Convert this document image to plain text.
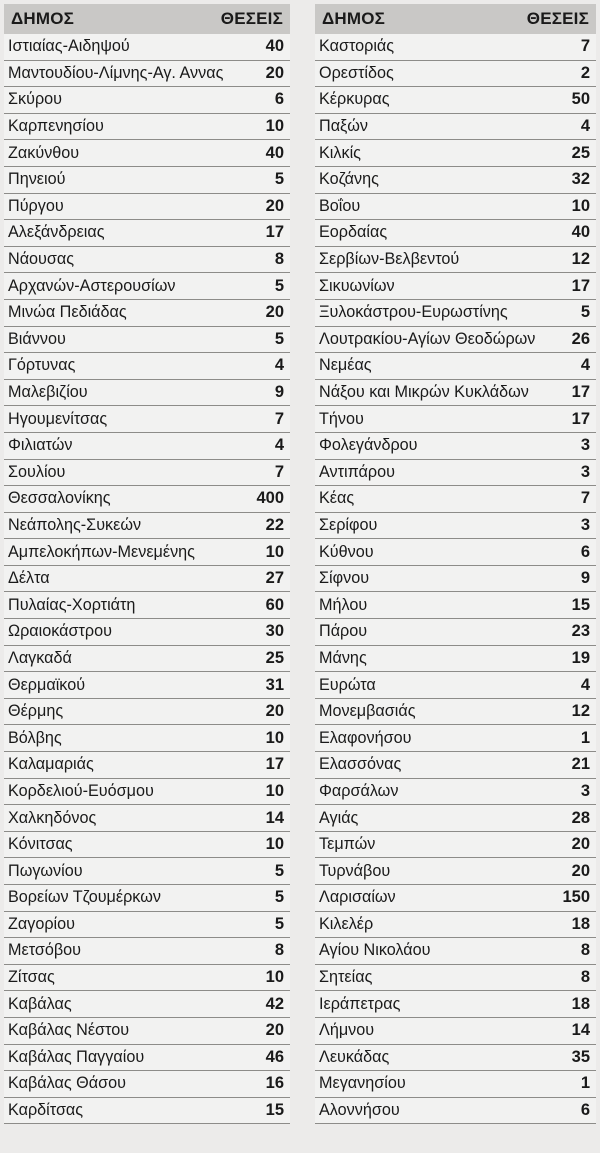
ΔΗΜΟΣ	ΘΕΣΕΙΣ
Ιστιαίας-Αιδηψού	40
Μαντουδίου-Λίμνης-Αγ. Αννας	20
Σκύρου	6
Καρπενησίου	10
Ζακύνθου	40
Πηνειού	5
Πύργου	20
Αλεξάνδρειας	17
Νάουσας	8
Αρχανών-Αστερουσίων	5
Μινώα Πεδιάδας	20
Βιάννου	5
Γόρτυνας	4
Μαλεβιζίου	9
Ηγουμενίτσας	7
Φιλιατών	4
Σουλίου	7
Θεσσαλονίκης	400
Νεάπολης-Συκεών	22
Αμπελοκήπων-Μενεμένης	10
Δέλτα	27
Πυλαίας-Χορτιάτη	60
Ωραιοκάστρου	30
Λαγκαδά	25
Θερμαϊκού	31
Θέρμης	20
Βόλβης	10
Καλαμαριάς	17
Κορδελιού-Ευόσμου	10
Χαλκηδόνος	14
Κόνιτσας	10
Πωγωνίου	5
Βορείων Τζουμέρκων	5
Ζαγορίου	5
Μετσόβου	8
Ζίτσας	10
Καβάλας	42
Καβάλας Νέστου	20
Καβάλας Παγγαίου	46
Καβάλας Θάσου	16
Καρδίτσας	15
ΔΗΜΟΣ	ΘΕΣΕΙΣ
Καστοριάς	7
Ορεστίδος	2
Κέρκυρας	50
Παξών	4
Κιλκίς	25
Κοζάνης	32
Βοΐου	10
Εορδαίας	40
Σερβίων-Βελβεντού	12
Σικυωνίων	17
Ξυλοκάστρου-Ευρωστίνης	5
Λουτρακίου-Αγίων Θεοδώρων 26
Νεμέας	4
Νάξου και Μικρών Κυκλάδων	17
Τήνου	17
Φολεγάνδρου	3
Αντιπάρου	3
Κέας	7
Σερίφου	3
Κύθνου	6
Σίφνου	9
Μήλου	15
Πάρου	23
Μάνης	19
Ευρώτα	4
Μονεμβασιάς	12
Ελαφονήσου	1
Ελασσόνας	21
Φαρσάλων	3
Αγιάς	28
Τεμπών	20
Τυρνάβου	20
Λαρισαίων	150
Κιλελέρ	18
Αγίου Νικολάου	8
Σητείας	8
Ιεράπετρας	18
Λήμνου	14
Λευκάδας	35
Μεγανησίου	1
Αλοννήσου	6
